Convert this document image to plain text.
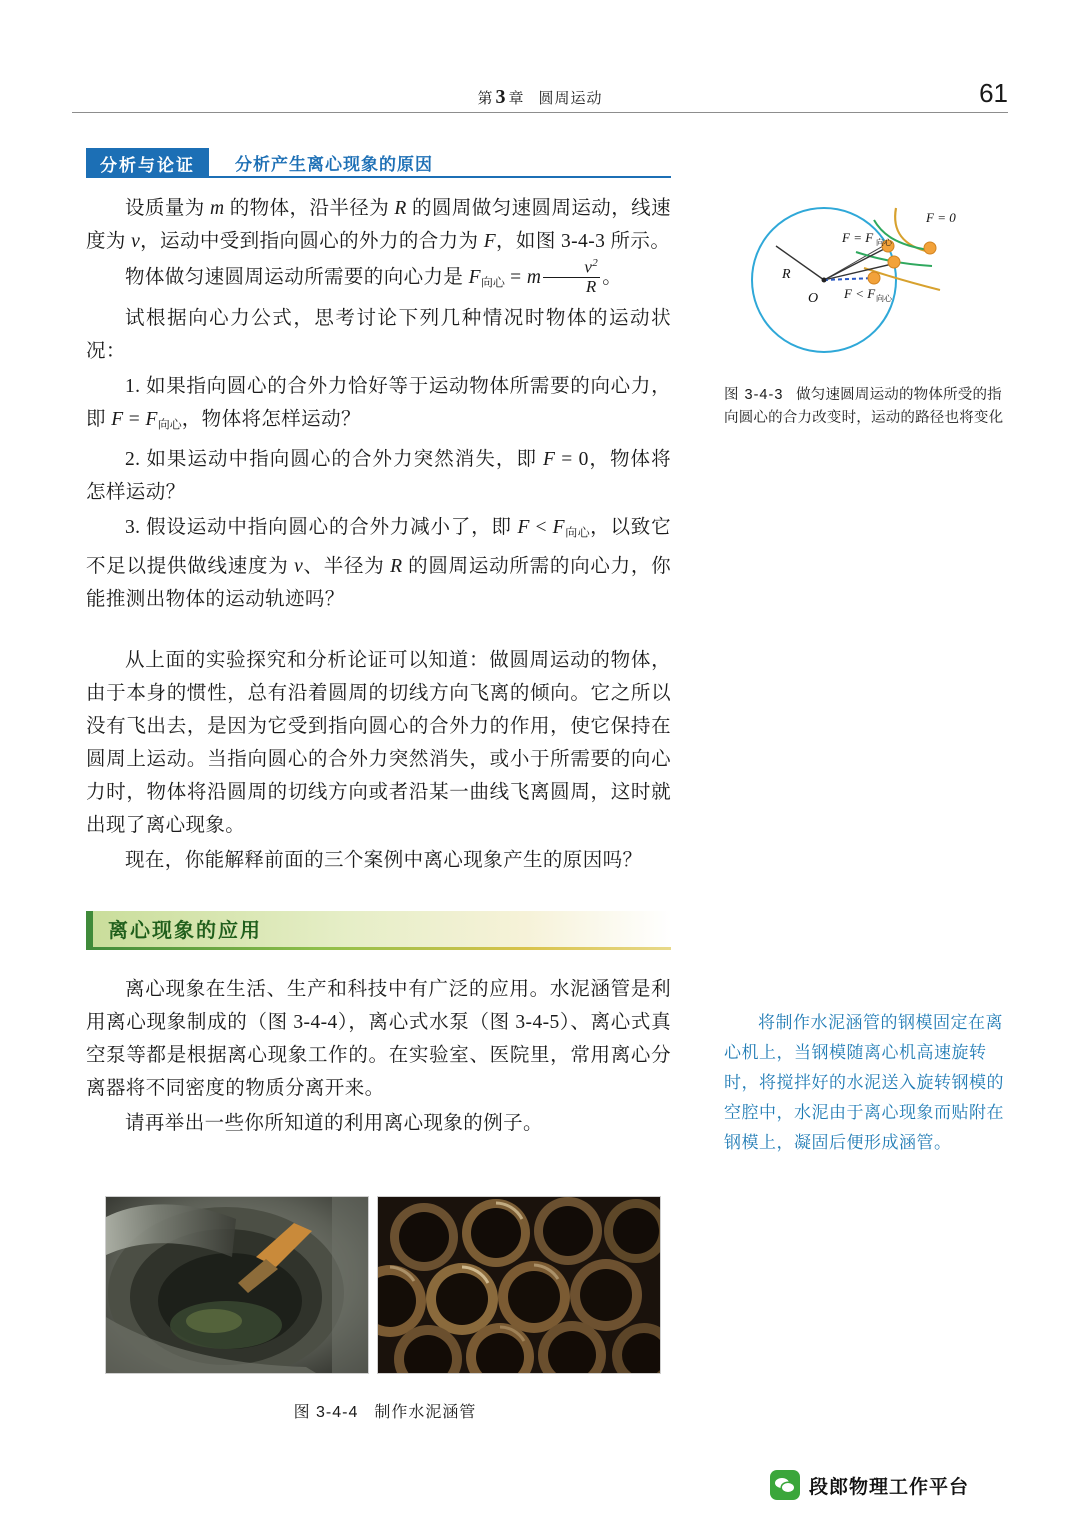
第 3 章 圆周运动	61
分析与论证	分析产生离心现象的原因

设质量为 m 的物体，沿半径为 R 的圆周做匀速圆周运动，线速度为 v，运动中受到指向圆心的外力的合力为 F，如图 3-4-3 所示。

物体做匀速圆周运动所需要的向心力是 $F_{向心} = m \frac{v^2}{R}$ 。

试根据向心力公式，思考讨论下列几种情况时物体的运动状况：

1. 如果指向圆心的合外力恰好等于运动物体所需要的向心力，即 $F = F_{向心}$，物体将怎样运动？

2. 如果运动中指向圆心的合外力突然消失，即 F = 0，物体将怎样运动？

3. 假设运动中指向圆心的合外力减小了，即 $F < F_{向心}$，以致它不足以提供做线速度为 v、半径为 R 的圆周运动所需的向心力，你能推测出物体的运动轨迹吗？

从上面的实验探究和分析论证可以知道：做圆周运动的物体，由于本身的惯性，总有沿着圆周的切线方向飞离的倾向。它之所以没有飞出去，是因为它受到指向圆心的合外力的作用，使它保持在圆周上运动。当指向圆心的合外力突然消失，或小于所需要的向心力时，物体将沿圆周的切线方向或者沿某一曲线飞离圆周，这时就出现了离心现象。

现在，你能解释前面的三个案例中离心现象产生的原因吗？

离心现象的应用

离心现象在生活、生产和科技中有广泛的应用。水泥涵管是利用离心现象制成的（图 3-4-4），离心式水泵（图 3-4-5）、离心式真空泵等都是根据离心现象工作的。在实验室、医院里，常用离心分离器将不同密度的物质分离开来。

请再举出一些你所知道的利用离心现象的例子。

R
O
F = F 向心
F = 0
F < F 向心
图 3-4-3 做匀速圆周运动的物体所受的指向圆心的合力改变时，运动的路径也将变化
将制作水泥涵管的钢模固定在离心机上，当钢模随离心机高速旋转时，将搅拌好的水泥送入旋转钢模的空腔中，水泥由于离心现象而贴附在钢模上，凝固后便形成涵管。
图 3-4-4 制作水泥涵管
段郎物理工作平台
